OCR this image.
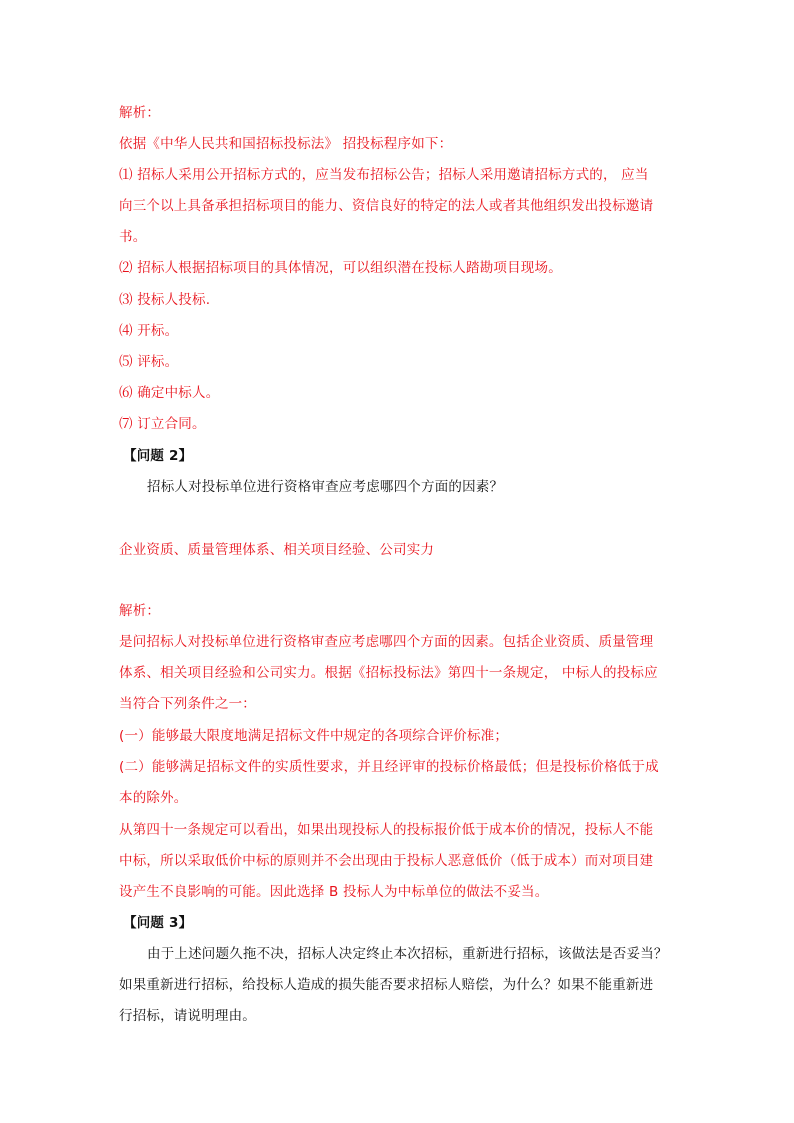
解析：
依据《中华人民共和国招标投标法》 招投标程序如下：
⑴ 招标人采用公开招标方式的，应当发布招标公告；招标人采用邀请招标方式的， 应当
向三个以上具备承担招标项目的能力、资信良好的特定的法人或者其他组织发出投标邀请
书。
⑵ 招标人根据招标项目的具体情况，可以组织潜在投标人踏勘项目现场。
⑶ 投标人投标.
⑷ 开标。
⑸ 评标。
⑹ 确定中标人。
⑺ 订立合同。
【问题 2】
招标人对投标单位进行资格审查应考虑哪四个方面的因素？
企业资质、质量管理体系、相关项目经验、公司实力
解析：
是问招标人对投标单位进行资格审查应考虑哪四个方面的因素。包括企业资质、质量管理
体系、相关项目经验和公司实力。根据《招标投标法》第四十一条规定， 中标人的投标应
当符合下列条件之一：
(一）能够最大限度地满足招标文件中规定的各项综合评价标准；
(二）能够满足招标文件的实质性要求，并且经评审的投标价格最低；但是投标价格低于成
本的除外。
从第四十一条规定可以看出，如果出现投标人的投标报价低于成本价的情况，投标人不能
中标，所以采取低价中标的原则并不会出现由于投标人恶意低价（低于成本）而对项目建
设产生不良影响的可能。因此选择 B 投标人为中标单位的做法不妥当。
【问题 3】
由于上述问题久拖不决，招标人决定终止本次招标，重新进行招标，该做法是否妥当？
如果重新进行招标，给投标人造成的损失能否要求招标人赔偿，为什么？如果不能重新进
行招标，请说明理由。
